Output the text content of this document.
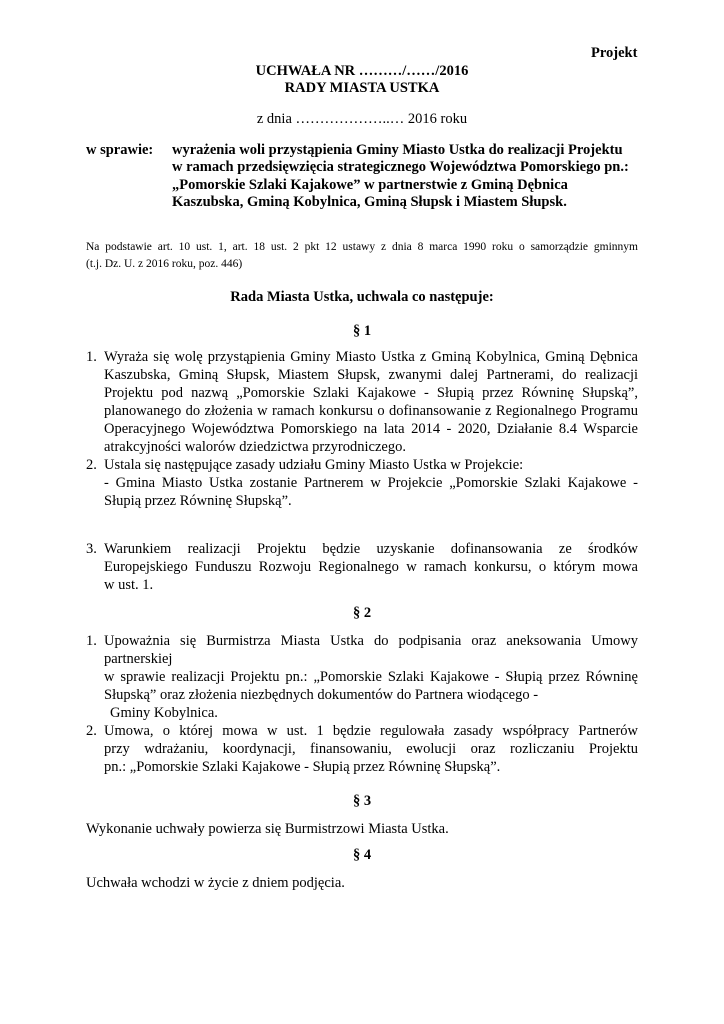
Projekt
UCHWAŁA NR ………/……/2016
RADY MIASTA USTKA
z dnia ………………..… 2016 roku
w sprawie: wyrażenia woli przystąpienia Gminy Miasto Ustka do realizacji Projektu
w ramach przedsięwzięcia strategicznego Województwa Pomorskiego pn.:
„Pomorskie Szlaki Kajakowe” w partnerstwie z Gminą Dębnica
Kaszubska, Gminą Kobylnica, Gminą Słupsk i Miastem Słupsk.
Na podstawie art. 10 ust. 1, art. 18 ust. 2 pkt 12 ustawy z dnia 8 marca 1990 roku o samorządzie gminnym
(t.j. Dz. U. z 2016 roku, poz. 446)
Rada Miasta Ustka, uchwala co następuje:
§ 1
1. Wyraża się wolę przystąpienia Gminy Miasto Ustka z Gminą Kobylnica, Gminą Dębnica
Kaszubska, Gminą Słupsk, Miastem Słupsk, zwanymi dalej Partnerami, do realizacji
Projektu pod nazwą „Pomorskie Szlaki Kajakowe - Słupią przez Równinę Słupską”,
planowanego do złożenia w ramach konkursu o dofinansowanie z Regionalnego Programu
Operacyjnego Województwa Pomorskiego na lata 2014 - 2020, Działanie 8.4 Wsparcie
atrakcyjności walorów dziedzictwa przyrodniczego.
2. Ustala się następujące zasady udziału Gminy Miasto Ustka w Projekcie:
- Gmina Miasto Ustka zostanie Partnerem w Projekcie „Pomorskie Szlaki Kajakowe -
Słupią przez Równinę Słupską”.
3. Warunkiem realizacji Projektu będzie uzyskanie dofinansowania ze środków
Europejskiego Funduszu Rozwoju Regionalnego w ramach konkursu, o którym mowa
w ust. 1.
§ 2
1. Upoważnia się Burmistrza Miasta Ustka do podpisania oraz aneksowania Umowy
partnerskiej
w sprawie realizacji Projektu pn.: „Pomorskie Szlaki Kajakowe - Słupią przez Równinę
Słupską” oraz złożenia niezbędnych dokumentów do Partnera wiodącego -
Gminy Kobylnica.
2. Umowa, o której mowa w ust. 1 będzie regulowała zasady współpracy Partnerów
przy wdrażaniu, koordynacji, finansowaniu, ewolucji oraz rozliczaniu Projektu
pn.: „Pomorskie Szlaki Kajakowe - Słupią przez Równinę Słupską”.
§ 3
Wykonanie uchwały powierza się Burmistrzowi Miasta Ustka.
§ 4
Uchwała wchodzi w życie z dniem podjęcia.
